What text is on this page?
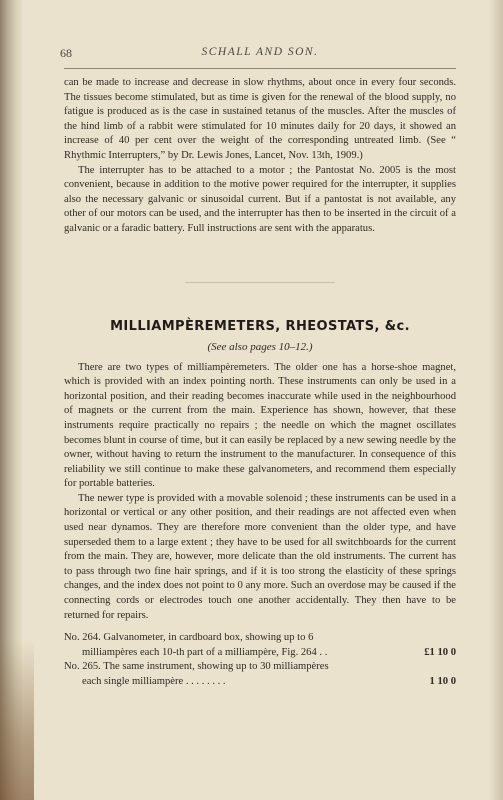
68	SCHALL AND SON.

can be made to increase and decrease in slow rhythms, about once in every four seconds. The tissues become stimulated, but as time is given for the renewal of the blood supply, no fatigue is produced as is the case in sustained tetanus of the muscles. After the muscles of the hind limb of a rabbit were stimulated for 10 minutes daily for 20 days, it showed an increase of 40 per cent over the weight of the corresponding untreated limb. (See “ Rhythmic Interrupters,” by Dr. Lewis Jones, Lancet, Nov. 13th, 1909.)

The interrupter has to be attached to a motor ; the Pantostat No. 2005 is the most convenient, because in addition to the motive power required for the interrupter, it supplies also the necessary galvanic or sinusoidal current. But if a pantostat is not available, any other of our motors can be used, and the interrupter has then to be inserted in the circuit of a galvanic or a faradic battery. Full instructions are sent with the apparatus.

MILLIAMPÈREMETERS, RHEOSTATS, &c.
(See also pages 10–12.)

There are two types of milliampèremeters. The older one has a horse-shoe magnet, which is provided with an index pointing north. These instruments can only be used in a horizontal position, and their reading becomes inaccurate while used in the neighbourhood of magnets or the current from the main. Experience has shown, however, that these instruments require practically no repairs ; the needle on which the magnet oscillates becomes blunt in course of time, but it can easily be replaced by a new sewing needle by the owner, without having to return the instrument to the manufacturer. In consequence of this reliability we still continue to make these galvanometers, and recommend them especially for portable batteries.

The newer type is provided with a movable solenoid ; these instruments can be used in a horizontal or vertical or any other position, and their readings are not affected even when used near dynamos. They are therefore more convenient than the older type, and have superseded them to a large extent ; they have to be used for all switchboards for the current from the main. They are, however, more delicate than the old instruments. The current has to pass through two fine hair springs, and if it is too strong the elasticity of these springs changes, and the index does not point to 0 any more. Such an overdose may be caused if the connecting cords or electrodes touch one another accidentally. They then have to be returned for repairs.

No. 264. Galvanometer, in cardboard box, showing up to 6
milliampères each 10-th part of a milliampère, Fig. 264 . .	£1 10 0
No. 265. The same instrument, showing up to 30 milliampères
each single milliampère . . . . . . . .	1 10 0
